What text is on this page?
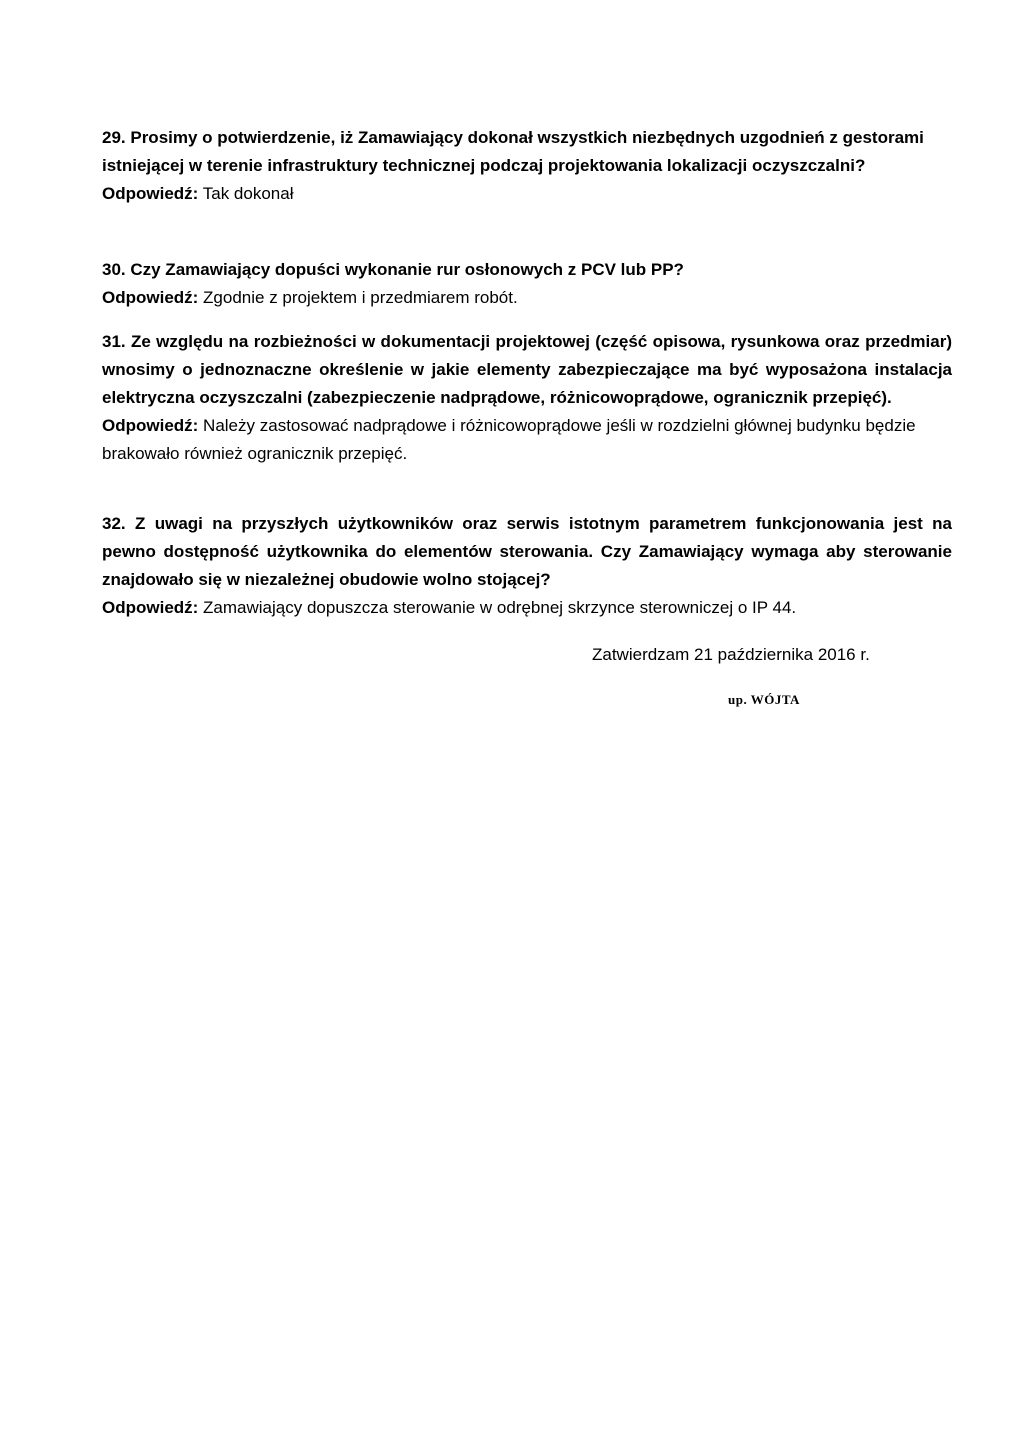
29. Prosimy o potwierdzenie, iż Zamawiający dokonał wszystkich niezbędnych uzgodnień z gestorami istniejącej w terenie infrastruktury technicznej podczaj projektowania lokalizacji oczyszczalni?

Odpowiedź: Tak dokonał

30. Czy Zamawiający dopuści wykonanie rur osłonowych z PCV lub PP?

Odpowiedź: Zgodnie z projektem i przedmiarem robót.

31. Ze względu na rozbieżności w dokumentacji projektowej (część opisowa, rysunkowa oraz przedmiar) wnosimy o jednoznaczne określenie w jakie elementy zabezpieczające ma być wyposażona instalacja elektryczna oczyszczalni (zabezpieczenie nadprądowe, różnicowoprądowe, ogranicznik przepięć).

Odpowiedź: Należy zastosować nadprądowe i różnicowoprądowe jeśli w rozdzielni głównej budynku będzie brakowało również ogranicznik przepięć.

32. Z uwagi na przyszłych użytkowników oraz serwis istotnym parametrem funkcjonowania jest na pewno dostępność użytkownika do elementów sterowania. Czy Zamawiający wymaga aby sterowanie znajdowało się w niezależnej obudowie wolno stojącej?

Odpowiedź: Zamawiający dopuszcza sterowanie w odrębnej skrzynce sterowniczej o IP 44.

Zatwierdzam 21 października 2016 r.
up. WÓJTA
